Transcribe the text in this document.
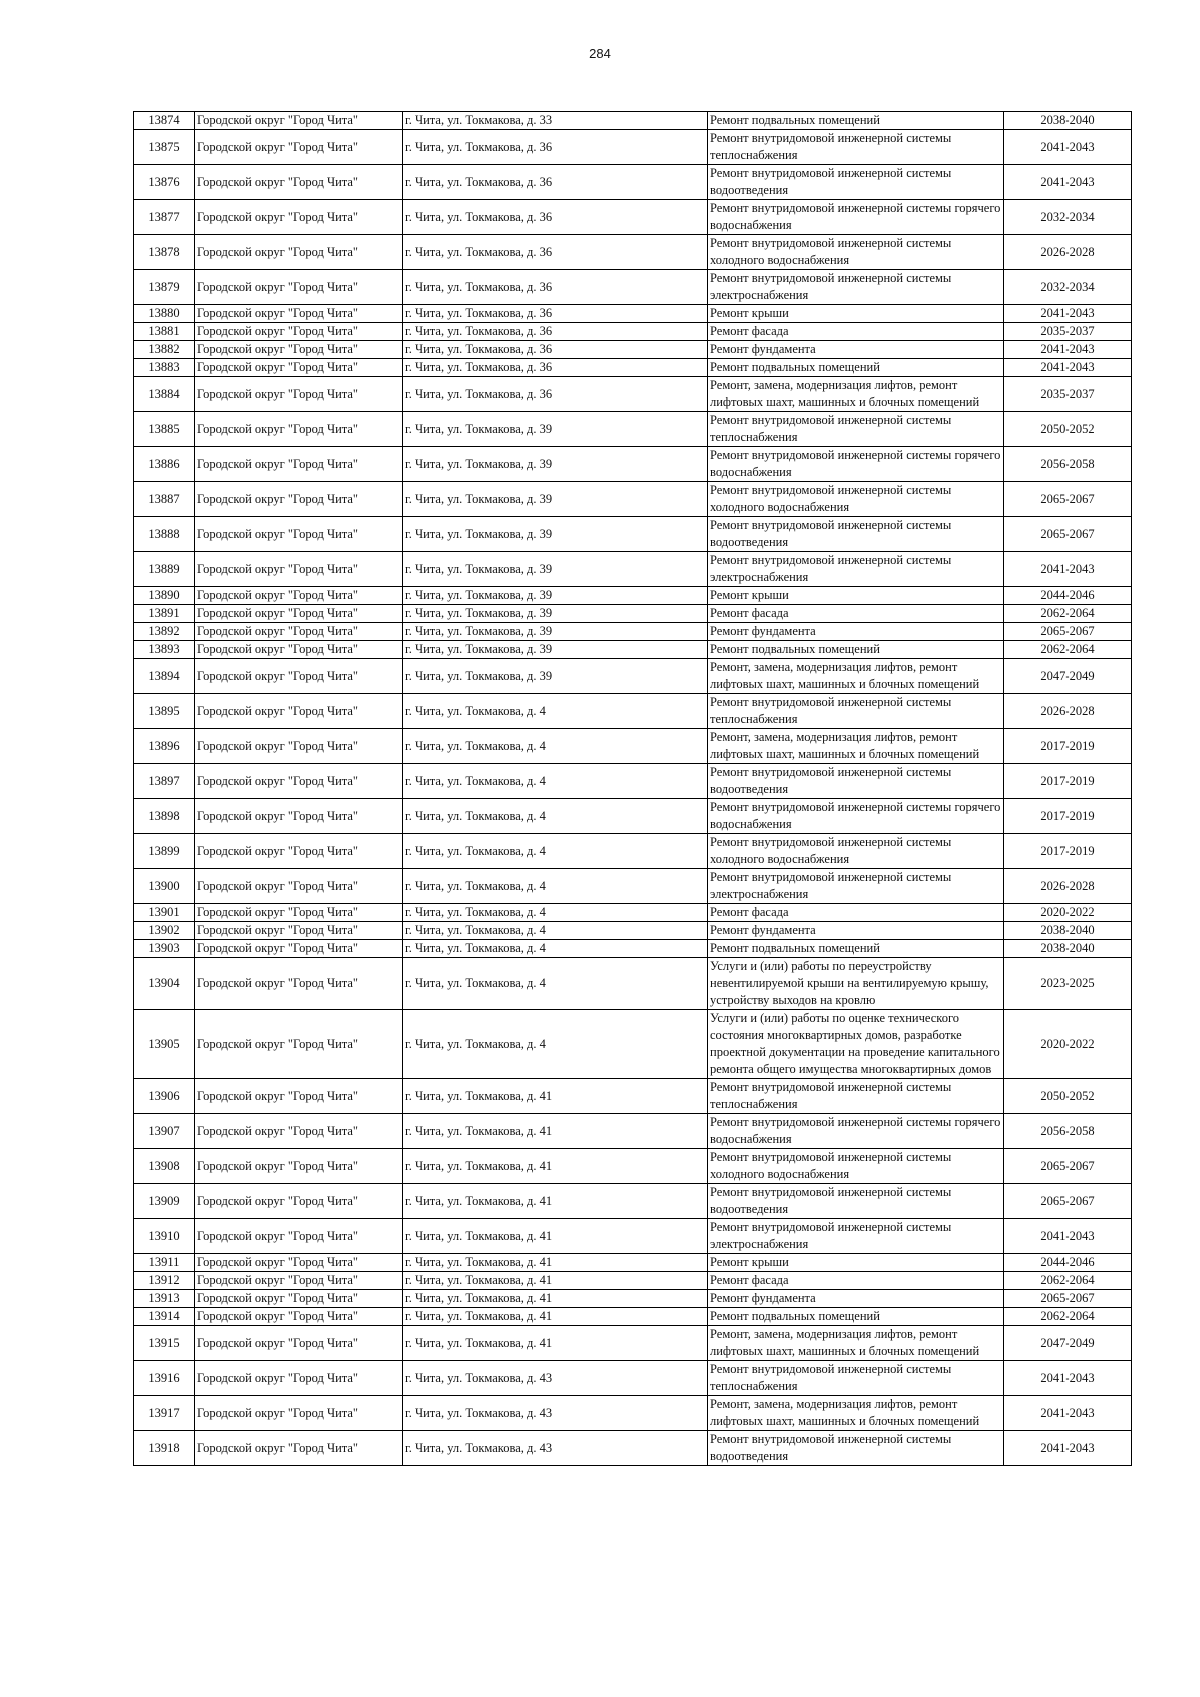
284
13874	Городской округ "Город Чита"	г. Чита, ул. Токмакова, д. 33	Ремонт подвальных помещений	2038-2040
13875	Городской округ "Город Чита"	г. Чита, ул. Токмакова, д. 36	Ремонт внутридомовой инженерной системы теплоснабжения	2041-2043
13876	Городской округ "Город Чита"	г. Чита, ул. Токмакова, д. 36	Ремонт внутридомовой инженерной системы водоотведения	2041-2043
13877	Городской округ "Город Чита"	г. Чита, ул. Токмакова, д. 36	Ремонт внутридомовой инженерной системы горячего водоснабжения	2032-2034
13878	Городской округ "Город Чита"	г. Чита, ул. Токмакова, д. 36	Ремонт внутридомовой инженерной системы холодного водоснабжения	2026-2028
13879	Городской округ "Город Чита"	г. Чита, ул. Токмакова, д. 36	Ремонт внутридомовой инженерной системы электроснабжения	2032-2034
13880	Городской округ "Город Чита"	г. Чита, ул. Токмакова, д. 36	Ремонт крыши	2041-2043
13881	Городской округ "Город Чита"	г. Чита, ул. Токмакова, д. 36	Ремонт фасада	2035-2037
13882	Городской округ "Город Чита"	г. Чита, ул. Токмакова, д. 36	Ремонт фундамента	2041-2043
13883	Городской округ "Город Чита"	г. Чита, ул. Токмакова, д. 36	Ремонт подвальных помещений	2041-2043
13884	Городской округ "Город Чита"	г. Чита, ул. Токмакова, д. 36	Ремонт, замена, модернизация лифтов, ремонт лифтовых шахт, машинных и блочных помещений	2035-2037
13885	Городской округ "Город Чита"	г. Чита, ул. Токмакова, д. 39	Ремонт внутридомовой инженерной системы теплоснабжения	2050-2052
13886	Городской округ "Город Чита"	г. Чита, ул. Токмакова, д. 39	Ремонт внутридомовой инженерной системы горячего водоснабжения	2056-2058
13887	Городской округ "Город Чита"	г. Чита, ул. Токмакова, д. 39	Ремонт внутридомовой инженерной системы холодного водоснабжения	2065-2067
13888	Городской округ "Город Чита"	г. Чита, ул. Токмакова, д. 39	Ремонт внутридомовой инженерной системы водоотведения	2065-2067
13889	Городской округ "Город Чита"	г. Чита, ул. Токмакова, д. 39	Ремонт внутридомовой инженерной системы электроснабжения	2041-2043
13890	Городской округ "Город Чита"	г. Чита, ул. Токмакова, д. 39	Ремонт крыши	2044-2046
13891	Городской округ "Город Чита"	г. Чита, ул. Токмакова, д. 39	Ремонт фасада	2062-2064
13892	Городской округ "Город Чита"	г. Чита, ул. Токмакова, д. 39	Ремонт фундамента	2065-2067
13893	Городской округ "Город Чита"	г. Чита, ул. Токмакова, д. 39	Ремонт подвальных помещений	2062-2064
13894	Городской округ "Город Чита"	г. Чита, ул. Токмакова, д. 39	Ремонт, замена, модернизация лифтов, ремонт лифтовых шахт, машинных и блочных помещений	2047-2049
13895	Городской округ "Город Чита"	г. Чита, ул. Токмакова, д. 4	Ремонт внутридомовой инженерной системы теплоснабжения	2026-2028
13896	Городской округ "Город Чита"	г. Чита, ул. Токмакова, д. 4	Ремонт, замена, модернизация лифтов, ремонт лифтовых шахт, машинных и блочных помещений	2017-2019
13897	Городской округ "Город Чита"	г. Чита, ул. Токмакова, д. 4	Ремонт внутридомовой инженерной системы водоотведения	2017-2019
13898	Городской округ "Город Чита"	г. Чита, ул. Токмакова, д. 4	Ремонт внутридомовой инженерной системы горячего водоснабжения	2017-2019
13899	Городской округ "Город Чита"	г. Чита, ул. Токмакова, д. 4	Ремонт внутридомовой инженерной системы холодного водоснабжения	2017-2019
13900	Городской округ "Город Чита"	г. Чита, ул. Токмакова, д. 4	Ремонт внутридомовой инженерной системы электроснабжения	2026-2028
13901	Городской округ "Город Чита"	г. Чита, ул. Токмакова, д. 4	Ремонт фасада	2020-2022
13902	Городской округ "Город Чита"	г. Чита, ул. Токмакова, д. 4	Ремонт фундамента	2038-2040
13903	Городской округ "Город Чита"	г. Чита, ул. Токмакова, д. 4	Ремонт подвальных помещений	2038-2040
13904	Городской округ "Город Чита"	г. Чита, ул. Токмакова, д. 4	Услуги и (или) работы по переустройству невентилируемой крыши на вентилируемую крышу, устройству выходов на кровлю	2023-2025
13905	Городской округ "Город Чита"	г. Чита, ул. Токмакова, д. 4	Услуги и (или) работы по оценке технического состояния многоквартирных домов, разработке проектной документации на проведение капитального ремонта общего имущества многоквартирных домов	2020-2022
13906	Городской округ "Город Чита"	г. Чита, ул. Токмакова, д. 41	Ремонт внутридомовой инженерной системы теплоснабжения	2050-2052
13907	Городской округ "Город Чита"	г. Чита, ул. Токмакова, д. 41	Ремонт внутридомовой инженерной системы горячего водоснабжения	2056-2058
13908	Городской округ "Город Чита"	г. Чита, ул. Токмакова, д. 41	Ремонт внутридомовой инженерной системы холодного водоснабжения	2065-2067
13909	Городской округ "Город Чита"	г. Чита, ул. Токмакова, д. 41	Ремонт внутридомовой инженерной системы водоотведения	2065-2067
13910	Городской округ "Город Чита"	г. Чита, ул. Токмакова, д. 41	Ремонт внутридомовой инженерной системы электроснабжения	2041-2043
13911	Городской округ "Город Чита"	г. Чита, ул. Токмакова, д. 41	Ремонт крыши	2044-2046
13912	Городской округ "Город Чита"	г. Чита, ул. Токмакова, д. 41	Ремонт фасада	2062-2064
13913	Городской округ "Город Чита"	г. Чита, ул. Токмакова, д. 41	Ремонт фундамента	2065-2067
13914	Городской округ "Город Чита"	г. Чита, ул. Токмакова, д. 41	Ремонт подвальных помещений	2062-2064
13915	Городской округ "Город Чита"	г. Чита, ул. Токмакова, д. 41	Ремонт, замена, модернизация лифтов, ремонт лифтовых шахт, машинных и блочных помещений	2047-2049
13916	Городской округ "Город Чита"	г. Чита, ул. Токмакова, д. 43	Ремонт внутридомовой инженерной системы теплоснабжения	2041-2043
13917	Городской округ "Город Чита"	г. Чита, ул. Токмакова, д. 43	Ремонт, замена, модернизация лифтов, ремонт лифтовых шахт, машинных и блочных помещений	2041-2043
13918	Городской округ "Город Чита"	г. Чита, ул. Токмакова, д. 43	Ремонт внутридомовой инженерной системы водоотведения	2041-2043
